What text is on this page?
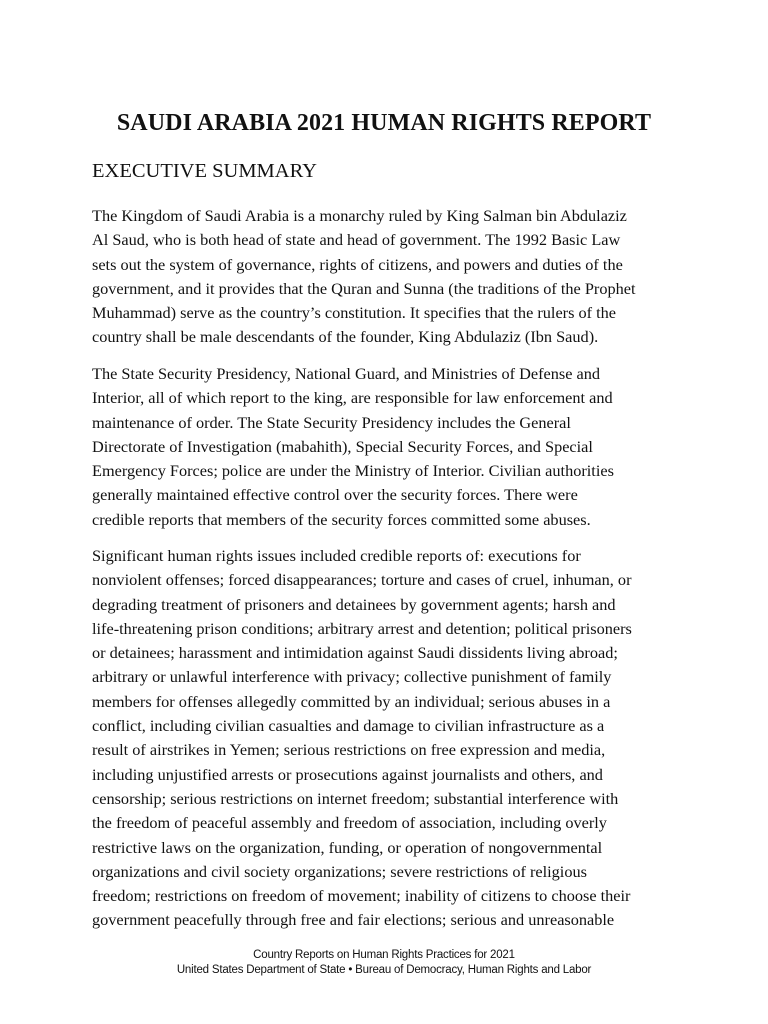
SAUDI ARABIA 2021 HUMAN RIGHTS REPORT
EXECUTIVE SUMMARY
The Kingdom of Saudi Arabia is a monarchy ruled by King Salman bin Abdulaziz
Al Saud, who is both head of state and head of government. The 1992 Basic Law
sets out the system of governance, rights of citizens, and powers and duties of the
government, and it provides that the Quran and Sunna (the traditions of the Prophet
Muhammad) serve as the country’s constitution. It specifies that the rulers of the
country shall be male descendants of the founder, King Abdulaziz (Ibn Saud).
The State Security Presidency, National Guard, and Ministries of Defense and
Interior, all of which report to the king, are responsible for law enforcement and
maintenance of order. The State Security Presidency includes the General
Directorate of Investigation (mabahith), Special Security Forces, and Special
Emergency Forces; police are under the Ministry of Interior. Civilian authorities
generally maintained effective control over the security forces. There were
credible reports that members of the security forces committed some abuses.
Significant human rights issues included credible reports of: executions for
nonviolent offenses; forced disappearances; torture and cases of cruel, inhuman, or
degrading treatment of prisoners and detainees by government agents; harsh and
life-threatening prison conditions; arbitrary arrest and detention; political prisoners
or detainees; harassment and intimidation against Saudi dissidents living abroad;
arbitrary or unlawful interference with privacy; collective punishment of family
members for offenses allegedly committed by an individual; serious abuses in a
conflict, including civilian casualties and damage to civilian infrastructure as a
result of airstrikes in Yemen; serious restrictions on free expression and media,
including unjustified arrests or prosecutions against journalists and others, and
censorship; serious restrictions on internet freedom; substantial interference with
the freedom of peaceful assembly and freedom of association, including overly
restrictive laws on the organization, funding, or operation of nongovernmental
organizations and civil society organizations; severe restrictions of religious
freedom; restrictions on freedom of movement; inability of citizens to choose their
government peacefully through free and fair elections; serious and unreasonable
Country Reports on Human Rights Practices for 2021
United States Department of State • Bureau of Democracy, Human Rights and Labor
